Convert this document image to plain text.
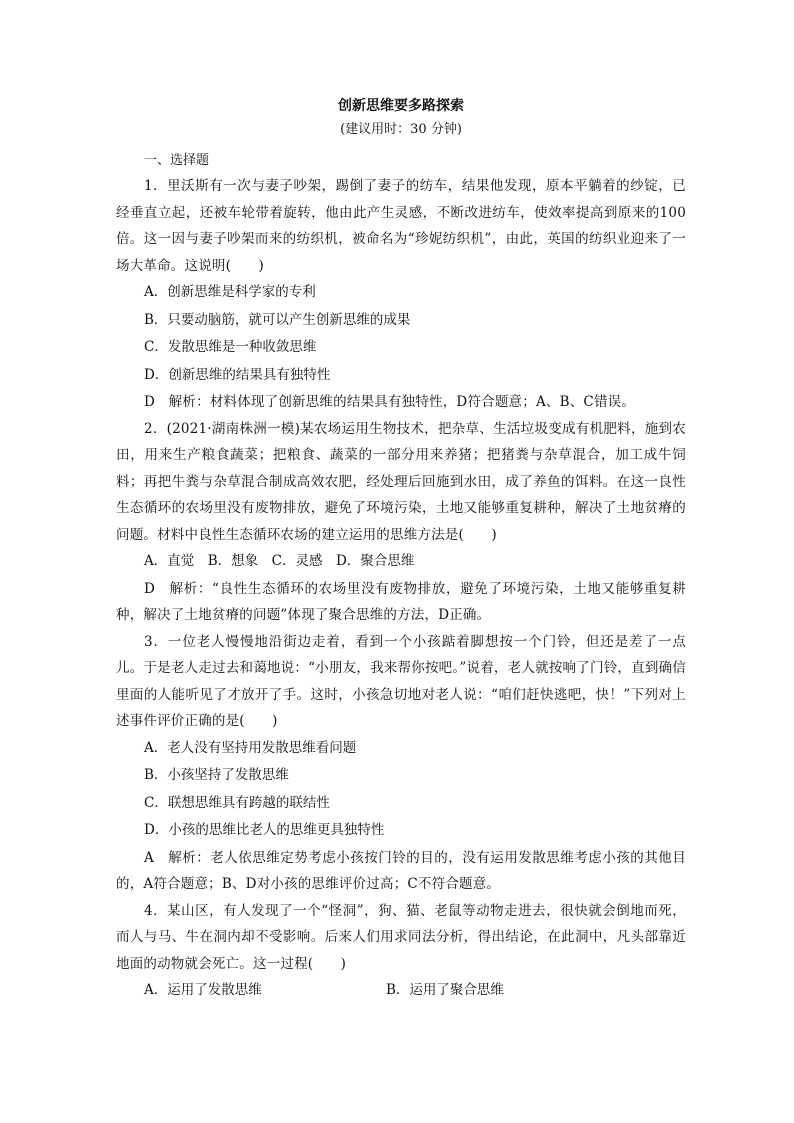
创新思维要多路探索

(建议用时：30 分钟)

一、选择题

1．里沃斯有一次与妻子吵架，踢倒了妻子的纺车，结果他发现，原本平躺着的纱锭，已经垂直立起，还被车轮带着旋转，他由此产生灵感，不断改进纺车，使效率提高到原来的100倍。这一因与妻子吵架而来的纺织机，被命名为“珍妮纺织机”，由此，英国的纺织业迎来了一场大革命。这说明(　　)

A．创新思维是科学家的专利

B．只要动脑筋，就可以产生创新思维的成果

C．发散思维是一种收敛思维

D．创新思维的结果具有独特性

D　解析：材料体现了创新思维的结果具有独特性，D符合题意；A、B、C错误。

2．(2021·湖南株洲一模)某农场运用生物技术，把杂草、生活垃圾变成有机肥料，施到农田，用来生产粮食蔬菜；把粮食、蔬菜的一部分用来养猪；把猪粪与杂草混合，加工成牛饲料；再把牛粪与杂草混合制成高效农肥，经处理后回施到水田，成了养鱼的饵料。在这一良性生态循环的农场里没有废物排放，避免了环境污染，土地又能够重复耕种，解决了土地贫瘠的问题。材料中良性生态循环农场的建立运用的思维方法是(　　)

A．直觉　B．想象　C．灵感　D．聚合思维

D　解析：“良性生态循环的农场里没有废物排放，避免了环境污染，土地又能够重复耕种，解决了土地贫瘠的问题”体现了聚合思维的方法，D正确。

3．一位老人慢慢地沿街边走着，看到一个小孩踮着脚想按一个门铃，但还是差了一点儿。于是老人走过去和蔼地说：“小朋友，我来帮你按吧。”说着，老人就按响了门铃，直到确信里面的人能听见了才放开了手。这时，小孩急切地对老人说：“咱们赶快逃吧，快！”下列对上述事件评价正确的是(　　)

A．老人没有坚持用发散思维看问题

B．小孩坚持了发散思维

C．联想思维具有跨越的联结性

D．小孩的思维比老人的思维更具独特性

A　解析：老人依思维定势考虑小孩按门铃的目的，没有运用发散思维考虑小孩的其他目的，A符合题意；B、D对小孩的思维评价过高；C不符合题意。

4．某山区，有人发现了一个“怪洞”，狗、猫、老鼠等动物走进去，很快就会倒地而死，而人与马、牛在洞内却不受影响。后来人们用求同法分析，得出结论，在此洞中，凡头部靠近地面的动物就会死亡。这一过程(　　)

A．运用了发散思维	B．运用了聚合思维
